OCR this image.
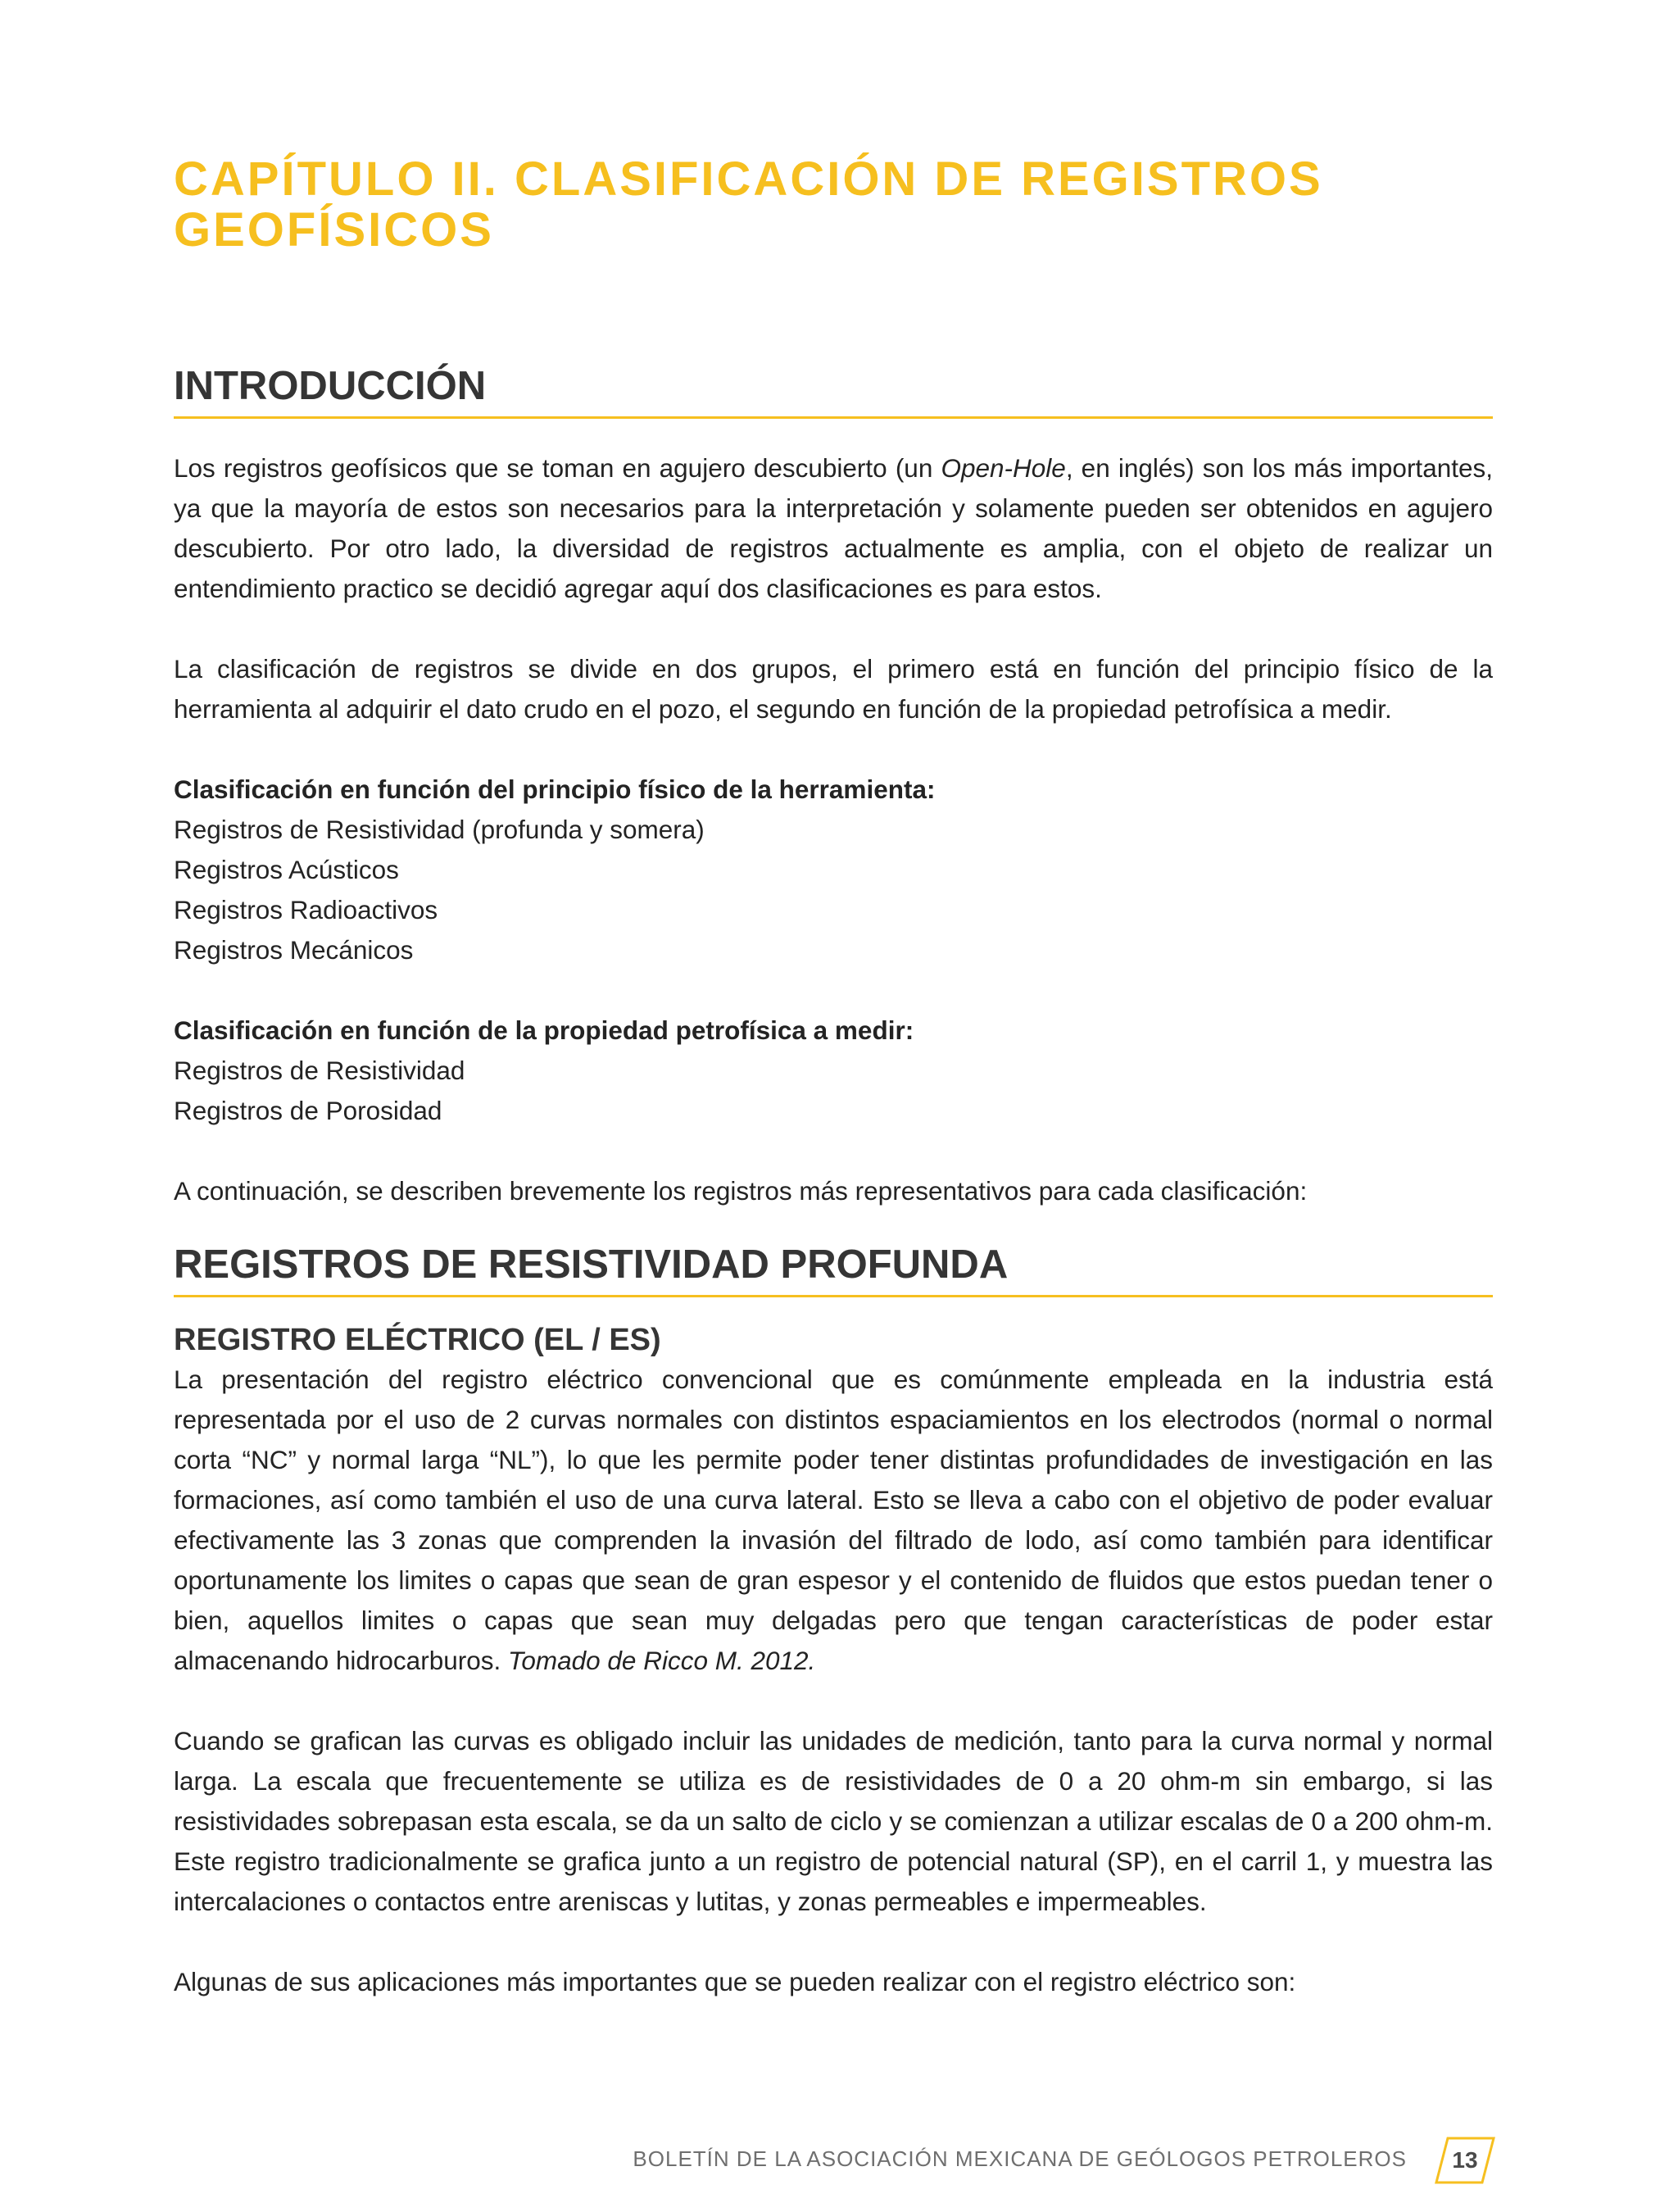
CAPÍTULO II. CLASIFICACIÓN DE REGISTROS
GEOFÍSICOS
INTRODUCCIÓN

Los registros geofísicos que se toman en agujero descubierto (un Open-Hole, en inglés) son los más importantes, ya que la mayoría de estos son necesarios para la interpretación y solamente pueden ser obtenidos en agujero descubierto. Por otro lado, la diversidad de registros actualmente es amplia, con el objeto de realizar un entendimiento practico se decidió agregar aquí dos clasificaciones es para estos.

La clasificación de registros se divide en dos grupos, el primero está en función del principio físico de la herramienta al adquirir el dato crudo en el pozo, el segundo en función de la propiedad petrofísica a medir.

Clasificación en función del principio físico de la herramienta:

Registros de Resistividad (profunda y somera)
Registros Acústicos
Registros Radioactivos
Registros Mecánicos

Clasificación en función de la propiedad petrofísica a medir:

Registros de Resistividad
Registros de Porosidad

A continuación, se describen brevemente los registros más representativos para cada clasificación:

REGISTROS DE RESISTIVIDAD PROFUNDA
REGISTRO ELÉCTRICO (EL / ES)

La presentación del registro eléctrico convencional que es comúnmente empleada en la industria está representada por el uso de 2 curvas normales con distintos espaciamientos en los electrodos (normal o normal corta “NC” y normal larga “NL”), lo que les permite poder tener distintas profundidades de investigación en las formaciones, así como también el uso de una curva lateral. Esto se lleva a cabo con el objetivo de poder evaluar efectivamente las 3 zonas que comprenden la invasión del filtrado de lodo, así como también para identificar oportunamente los limites o capas que sean de gran espesor y el contenido de fluidos que estos puedan tener o bien, aquellos limites o capas que sean muy delgadas pero que tengan características de poder estar almacenando hidrocarburos. Tomado de Ricco M. 2012.

Cuando se grafican las curvas es obligado incluir las unidades de medición, tanto para la curva normal y normal larga. La escala que frecuentemente se utiliza es de resistividades de 0 a 20 ohm-m sin embargo, si las resistividades sobrepasan esta escala, se da un salto de ciclo y se comienzan a utilizar escalas de 0 a 200 ohm-m. Este registro tradicionalmente se grafica junto a un registro de potencial natural (SP), en el carril 1, y muestra las intercalaciones o contactos entre areniscas y lutitas, y zonas permeables e impermeables.

Algunas de sus aplicaciones más importantes que se pueden realizar con el registro eléctrico son:

BOLETÍN DE LA ASOCIACIÓN MEXICANA DE GEÓLOGOS PETROLEROS	13
